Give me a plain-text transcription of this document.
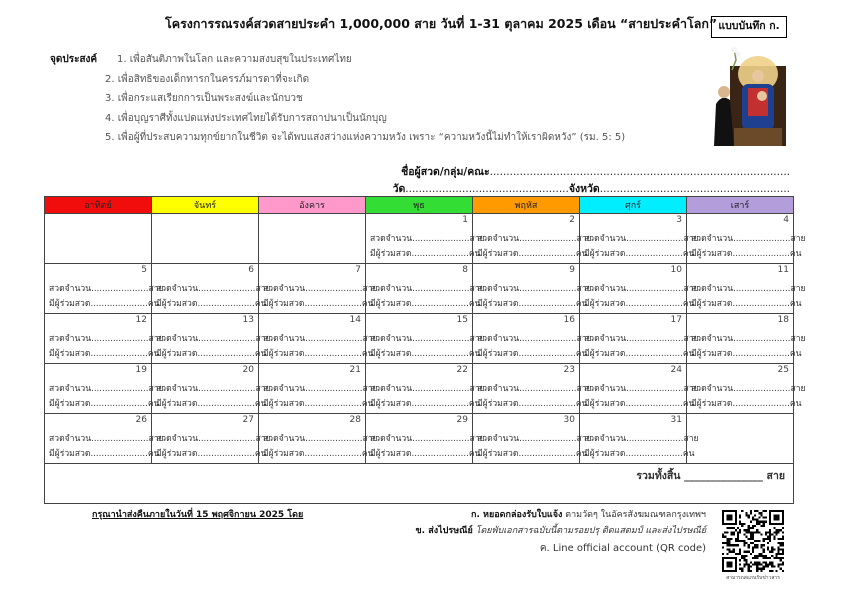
โครงการรณรงค์สวดสายประคำ 1,000,000 สาย วันที่ 1-31 ตุลาคม 2025 เดือน “สายประคำโลก” แบบบันทึก ก.
จุดประสงค์ 1. เพื่อสันติภาพในโลก และความสงบสุขในประเทศไทย
2. เพื่อสิทธิของเด็กทารกในครรภ์มารดาที่จะเกิด
3. เพื่อกระแสเรียกการเป็นพระสงฆ์และนักบวช
4. เพื่อบุญราศีทั้งแปดแห่งประเทศไทยได้รับการสถาปนาเป็นนักบุญ
5. เพื่อผู้ที่ประสบความทุกข์ยากในชีวิต จะได้พบแสงสว่างแห่งความหวัง เพราะ “ความหวังนี้ไม่ทำให้เราผิดหวัง” (รม. 5: 5)
ชื่อผู้สวด/กลุ่ม/คณะ..........................................................................................
วัด.................................................จังหวัด.........................................................
อาทิตย์	จันทร์	อังคาร	พุธ	พฤหัส	ศุกร์	เสาร์

			1
สวดจำนวน.....................สาย
มีผู้ร่วมสวด.....................คน	2
สวดจำนวน.....................สาย
มีผู้ร่วมสวด.....................คน	3
สวดจำนวน.....................สาย
มีผู้ร่วมสวด.....................คน	4
สวดจำนวน.....................สาย
มีผู้ร่วมสวด.....................คน

5
สวดจำนวน.....................สาย
มีผู้ร่วมสวด.....................คน	6
สวดจำนวน.....................สาย
มีผู้ร่วมสวด.....................คน	7
สวดจำนวน.....................สาย
มีผู้ร่วมสวด.....................คน	8
สวดจำนวน.....................สาย
มีผู้ร่วมสวด.....................คน	9
สวดจำนวน.....................สาย
มีผู้ร่วมสวด.....................คน	10
สวดจำนวน.....................สาย
มีผู้ร่วมสวด.....................คน	11
สวดจำนวน.....................สาย
มีผู้ร่วมสวด.....................คน

12
สวดจำนวน.....................สาย
มีผู้ร่วมสวด.....................คน	13
สวดจำนวน.....................สาย
มีผู้ร่วมสวด.....................คน	14
สวดจำนวน.....................สาย
มีผู้ร่วมสวด.....................คน	15
สวดจำนวน.....................สาย
มีผู้ร่วมสวด.....................คน	16
สวดจำนวน.....................สาย
มีผู้ร่วมสวด.....................คน	17
สวดจำนวน.....................สาย
มีผู้ร่วมสวด.....................คน	18
สวดจำนวน.....................สาย
มีผู้ร่วมสวด.....................คน

19
สวดจำนวน.....................สาย
มีผู้ร่วมสวด.....................คน	20
สวดจำนวน.....................สาย
มีผู้ร่วมสวด.....................คน	21
สวดจำนวน.....................สาย
มีผู้ร่วมสวด.....................คน	22
สวดจำนวน.....................สาย
มีผู้ร่วมสวด.....................คน	23
สวดจำนวน.....................สาย
มีผู้ร่วมสวด.....................คน	24
สวดจำนวน.....................สาย
มีผู้ร่วมสวด.....................คน	25
สวดจำนวน.....................สาย
มีผู้ร่วมสวด.....................คน

26
สวดจำนวน.....................สาย
มีผู้ร่วมสวด.....................คน	27
สวดจำนวน.....................สาย
มีผู้ร่วมสวด.....................คน	28
สวดจำนวน.....................สาย
มีผู้ร่วมสวด.....................คน	29
สวดจำนวน.....................สาย
มีผู้ร่วมสวด.....................คน	30
สวดจำนวน.....................สาย
มีผู้ร่วมสวด.....................คน	31
สวดจำนวน.....................สาย
มีผู้ร่วมสวด.....................คน	

รวมทั้งสิ้น _______________ สาย						
กรุณานำส่งคืนภายในวันที่ 15 พฤศจิกายน 2025 โดย	ก. หยอดกล่องรับใบแจ้ง ตามวัดๆ ในอัครสังฆมณฑลกรุงเทพฯ
ข. ส่งไปรษณีย์ โดยพับเอกสารฉบับนี้ตามรอยปรุ ติดแสตมป์ และส่งไปรษณีย์
ค. Line official account (QR code)
สามารถสแกนรับข่าวสาร
